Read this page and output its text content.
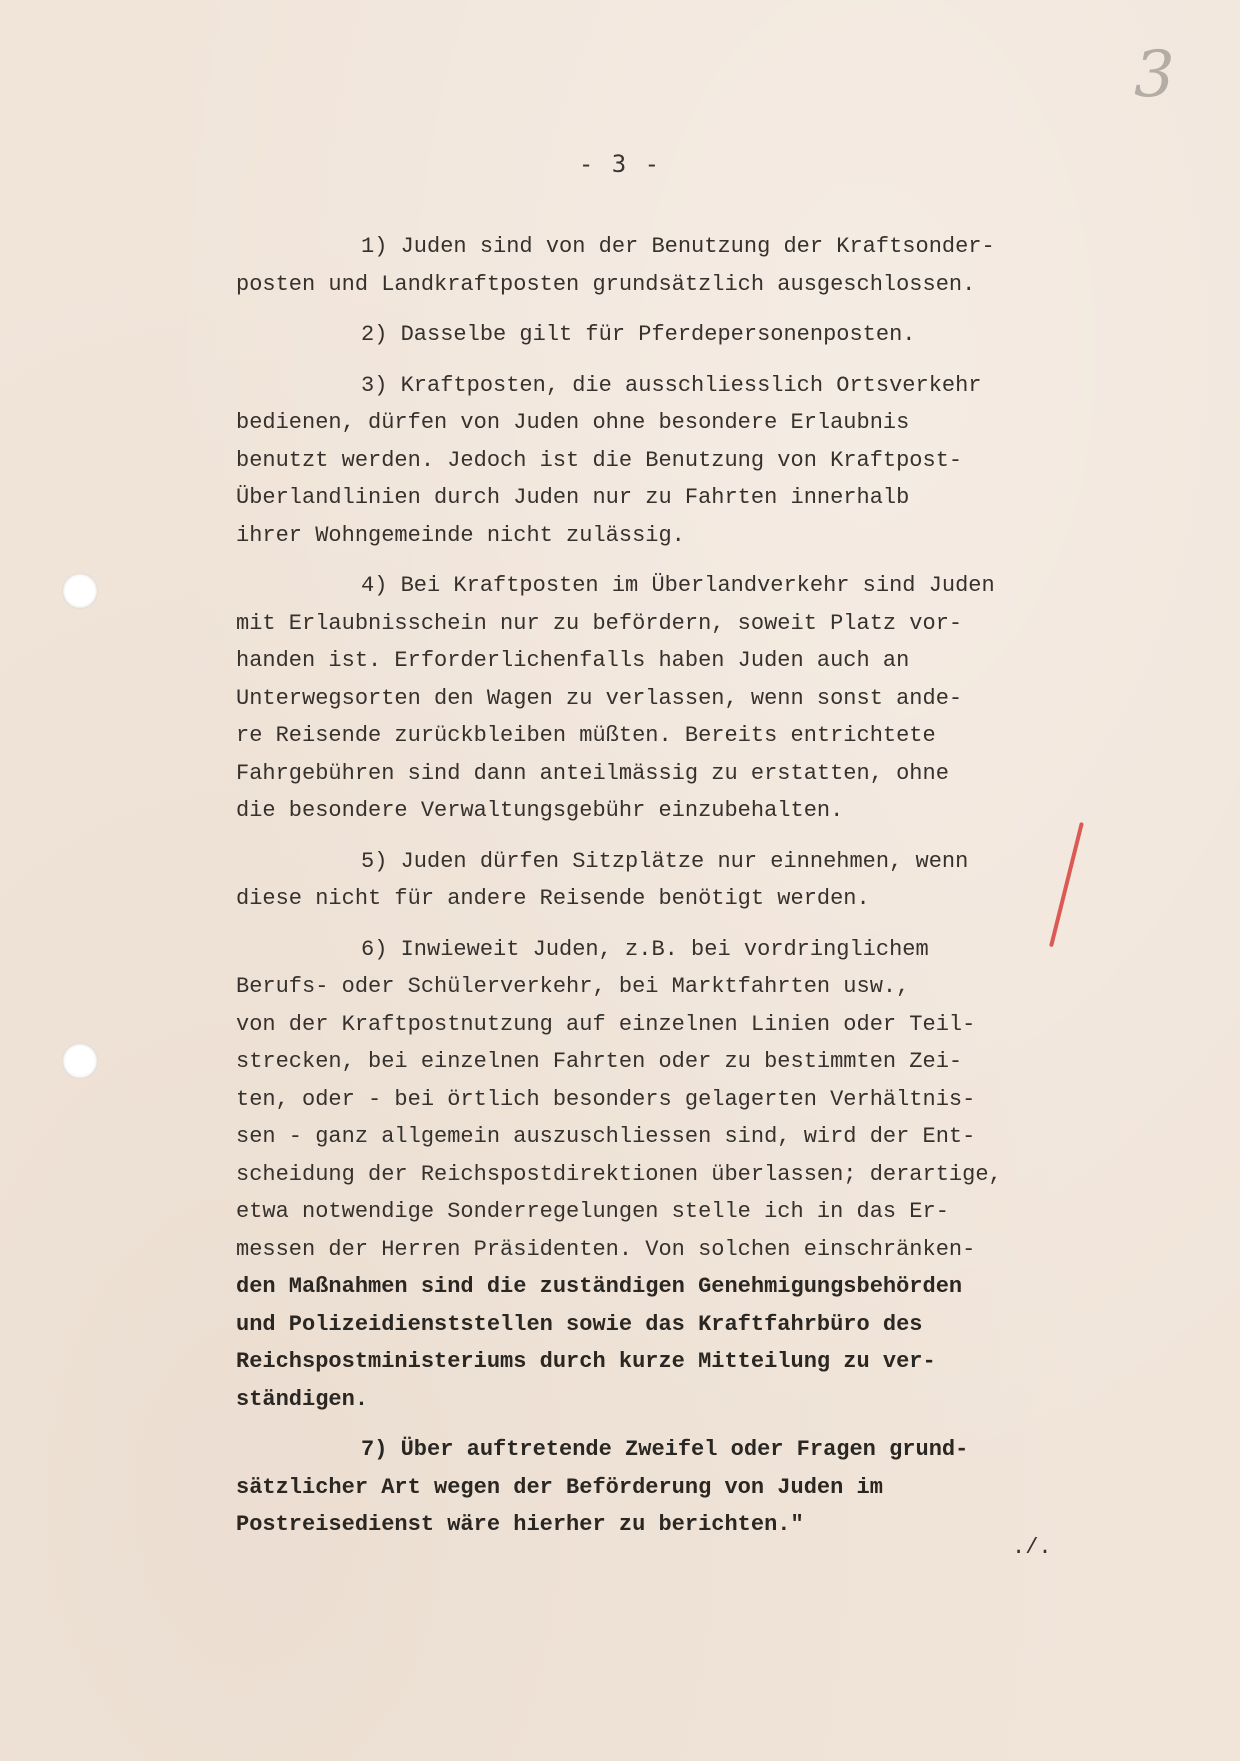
3
- 3 -
1) Juden sind von der Benutzung der Kraftsonder-
posten und Landkraftposten grundsätzlich ausgeschlossen.
2) Dasselbe gilt für Pferdepersonenposten.
3) Kraftposten, die ausschliesslich Ortsverkehr
bedienen, dürfen von Juden ohne besondere Erlaubnis
benutzt werden. Jedoch ist die Benutzung von Kraftpost-
Überlandlinien durch Juden nur zu Fahrten innerhalb
ihrer Wohngemeinde nicht zulässig.
4) Bei Kraftposten im Überlandverkehr sind Juden
mit Erlaubnisschein nur zu befördern, soweit Platz vor-
handen ist. Erforderlichenfalls haben Juden auch an
Unterwegsorten den Wagen zu verlassen, wenn sonst ande-
re Reisende zurückbleiben müßten. Bereits entrichtete
Fahrgebühren sind dann anteilmässig zu erstatten, ohne
die besondere Verwaltungsgebühr einzubehalten.
5) Juden dürfen Sitzplätze nur einnehmen, wenn
diese nicht für andere Reisende benötigt werden.
6) Inwieweit Juden, z.B. bei vordringlichem
Berufs- oder Schülerverkehr, bei Marktfahrten usw.,
von der Kraftpostnutzung auf einzelnen Linien oder Teil-
strecken, bei einzelnen Fahrten oder zu bestimmten Zei-
ten, oder - bei örtlich besonders gelagerten Verhältnis-
sen - ganz allgemein auszuschliessen sind, wird der Ent-
scheidung der Reichspostdirektionen überlassen; derartige,
etwa notwendige Sonderregelungen stelle ich in das Er-
messen der Herren Präsidenten. Von solchen einschränken-
den Maßnahmen sind die zuständigen Genehmigungsbehörden
und Polizeidienststellen sowie das Kraftfahrbüro des
Reichspostministeriums durch kurze Mitteilung zu ver-
ständigen.
7) Über auftretende Zweifel oder Fragen grund-
sätzlicher Art wegen der Beförderung von Juden im
Postreisedienst wäre hierher zu berichten."
./.
